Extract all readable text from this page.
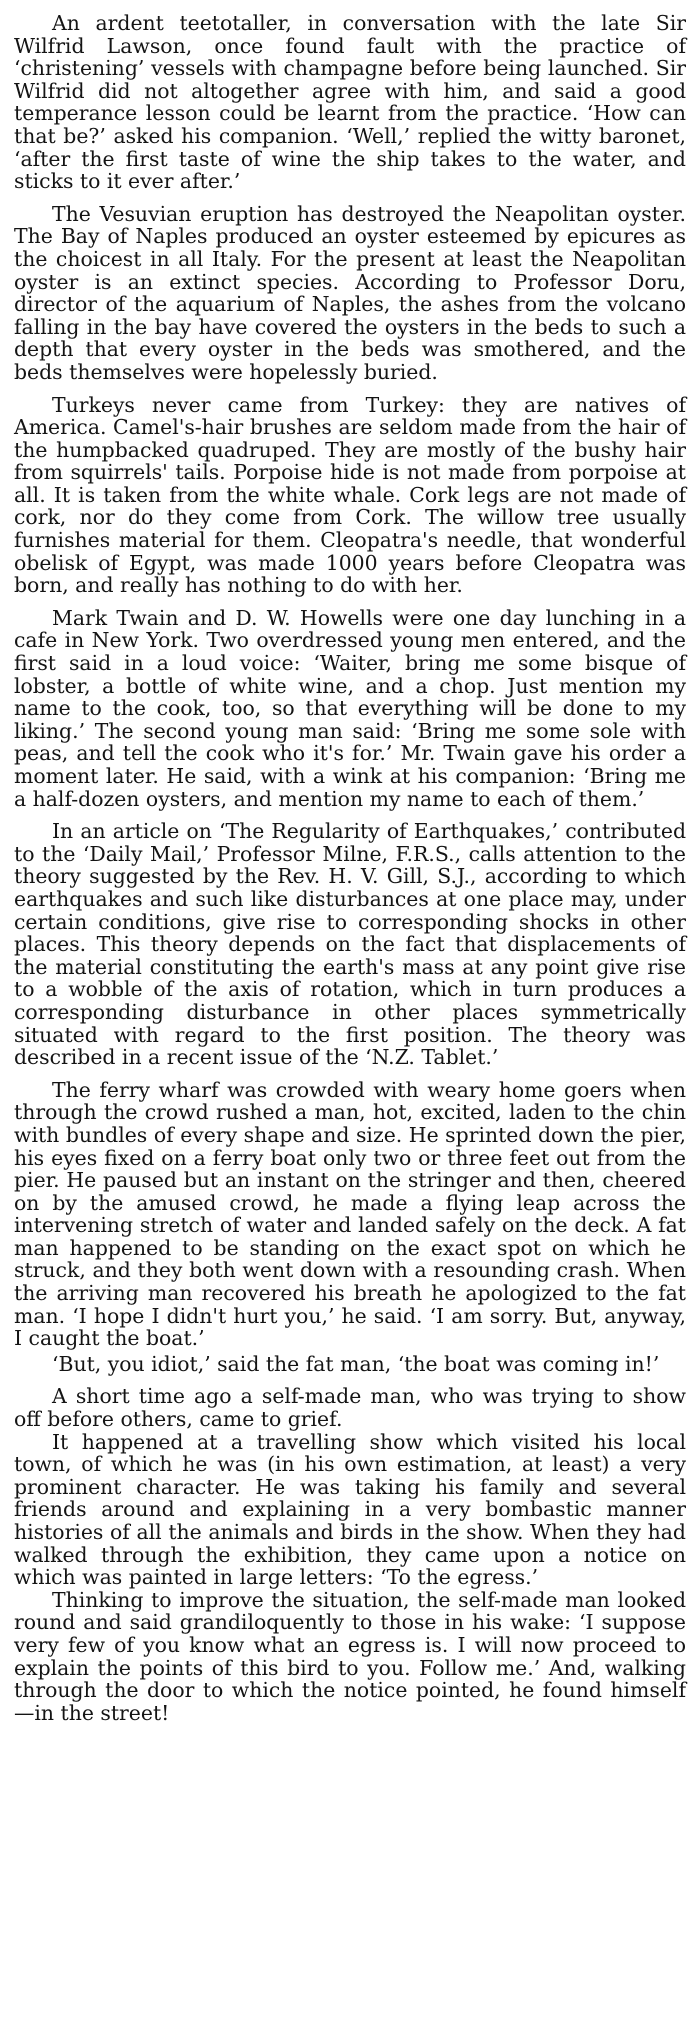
An ardent teetotaller, in conversation with the late Sir Wilfrid Lawson, once found fault with the practice of ‘christening’ vessels with champagne before being launched. Sir Wilfrid did not altogether agree with him, and said a good temperance lesson could be learnt from the practice. ‘How can that be?’ asked his companion. ‘Well,’ replied the witty baronet, ‘after the first taste of wine the ship takes to the water, and sticks to it ever after.’

The Vesuvian eruption has destroyed the Neapolitan oyster. The Bay of Naples produced an oyster esteemed by epicures as the choicest in all Italy. For the present at least the Neapolitan oyster is an extinct species. According to Professor Doru, director of the aquarium of Naples, the ashes from the volcano falling in the bay have covered the oysters in the beds to such a depth that every oyster in the beds was smothered, and the beds themselves were hopelessly buried.

Turkeys never came from Turkey: they are natives of America. Camel's-hair brushes are seldom made from the hair of the humpbacked quadruped. They are mostly of the bushy hair from squirrels' tails. Porpoise hide is not made from porpoise at all. It is taken from the white whale. Cork legs are not made of cork, nor do they come from Cork. The willow tree usually furnishes material for them. Cleopatra's needle, that wonderful obelisk of Egypt, was made 1000 years before Cleopatra was born, and really has nothing to do with her.

Mark Twain and D. W. Howells were one day lunching in a cafe in New York. Two overdressed young men entered, and the first said in a loud voice: ‘Waiter, bring me some bisque of lobster, a bottle of white wine, and a chop. Just mention my name to the cook, too, so that everything will be done to my liking.’ The second young man said: ‘Bring me some sole with peas, and tell the cook who it's for.’ Mr. Twain gave his order a moment later. He said, with a wink at his companion: ‘Bring me a half-dozen oysters, and mention my name to each of them.’

In an article on ‘The Regularity of Earthquakes,’ contributed to the ‘Daily Mail,’ Professor Milne, F.R.S., calls attention to the theory suggested by the Rev. H. V. Gill, S.J., according to which earthquakes and such like disturbances at one place may, under certain conditions, give rise to corresponding shocks in other places. This theory depends on the fact that displacements of the material constituting the earth's mass at any point give rise to a wobble of the axis of rotation, which in turn produces a corresponding disturbance in other places symmetrically situated with regard to the first position. The theory was described in a recent issue of the ‘N.Z. Tablet.’

The ferry wharf was crowded with weary home goers when through the crowd rushed a man, hot, excited, laden to the chin with bundles of every shape and size. He sprinted down the pier, his eyes fixed on a ferry boat only two or three feet out from the pier. He paused but an instant on the stringer and then, cheered on by the amused crowd, he made a flying leap across the intervening stretch of water and landed safely on the deck. A fat man happened to be standing on the exact spot on which he struck, and they both went down with a resounding crash. When the arriving man recovered his breath he apologized to the fat man. ‘I hope I didn't hurt you,’ he said. ‘I am sorry. But, anyway, I caught the boat.’

‘But, you idiot,’ said the fat man, ‘the boat was coming in!’

A short time ago a self-made man, who was trying to show off before others, came to grief.

It happened at a travelling show which visited his local town, of which he was (in his own estimation, at least) a very prominent character. He was taking his family and several friends around and explaining in a very bombastic manner histories of all the animals and birds in the show. When they had walked through the exhibition, they came upon a notice on which was painted in large letters: ‘To the egress.’

Thinking to improve the situation, the self-made man looked round and said grandiloquently to those in his wake: ‘I suppose very few of you know what an egress is. I will now proceed to explain the points of this bird to you. Follow me.’ And, walking through the door to which the notice pointed, he found himself—in the street!
